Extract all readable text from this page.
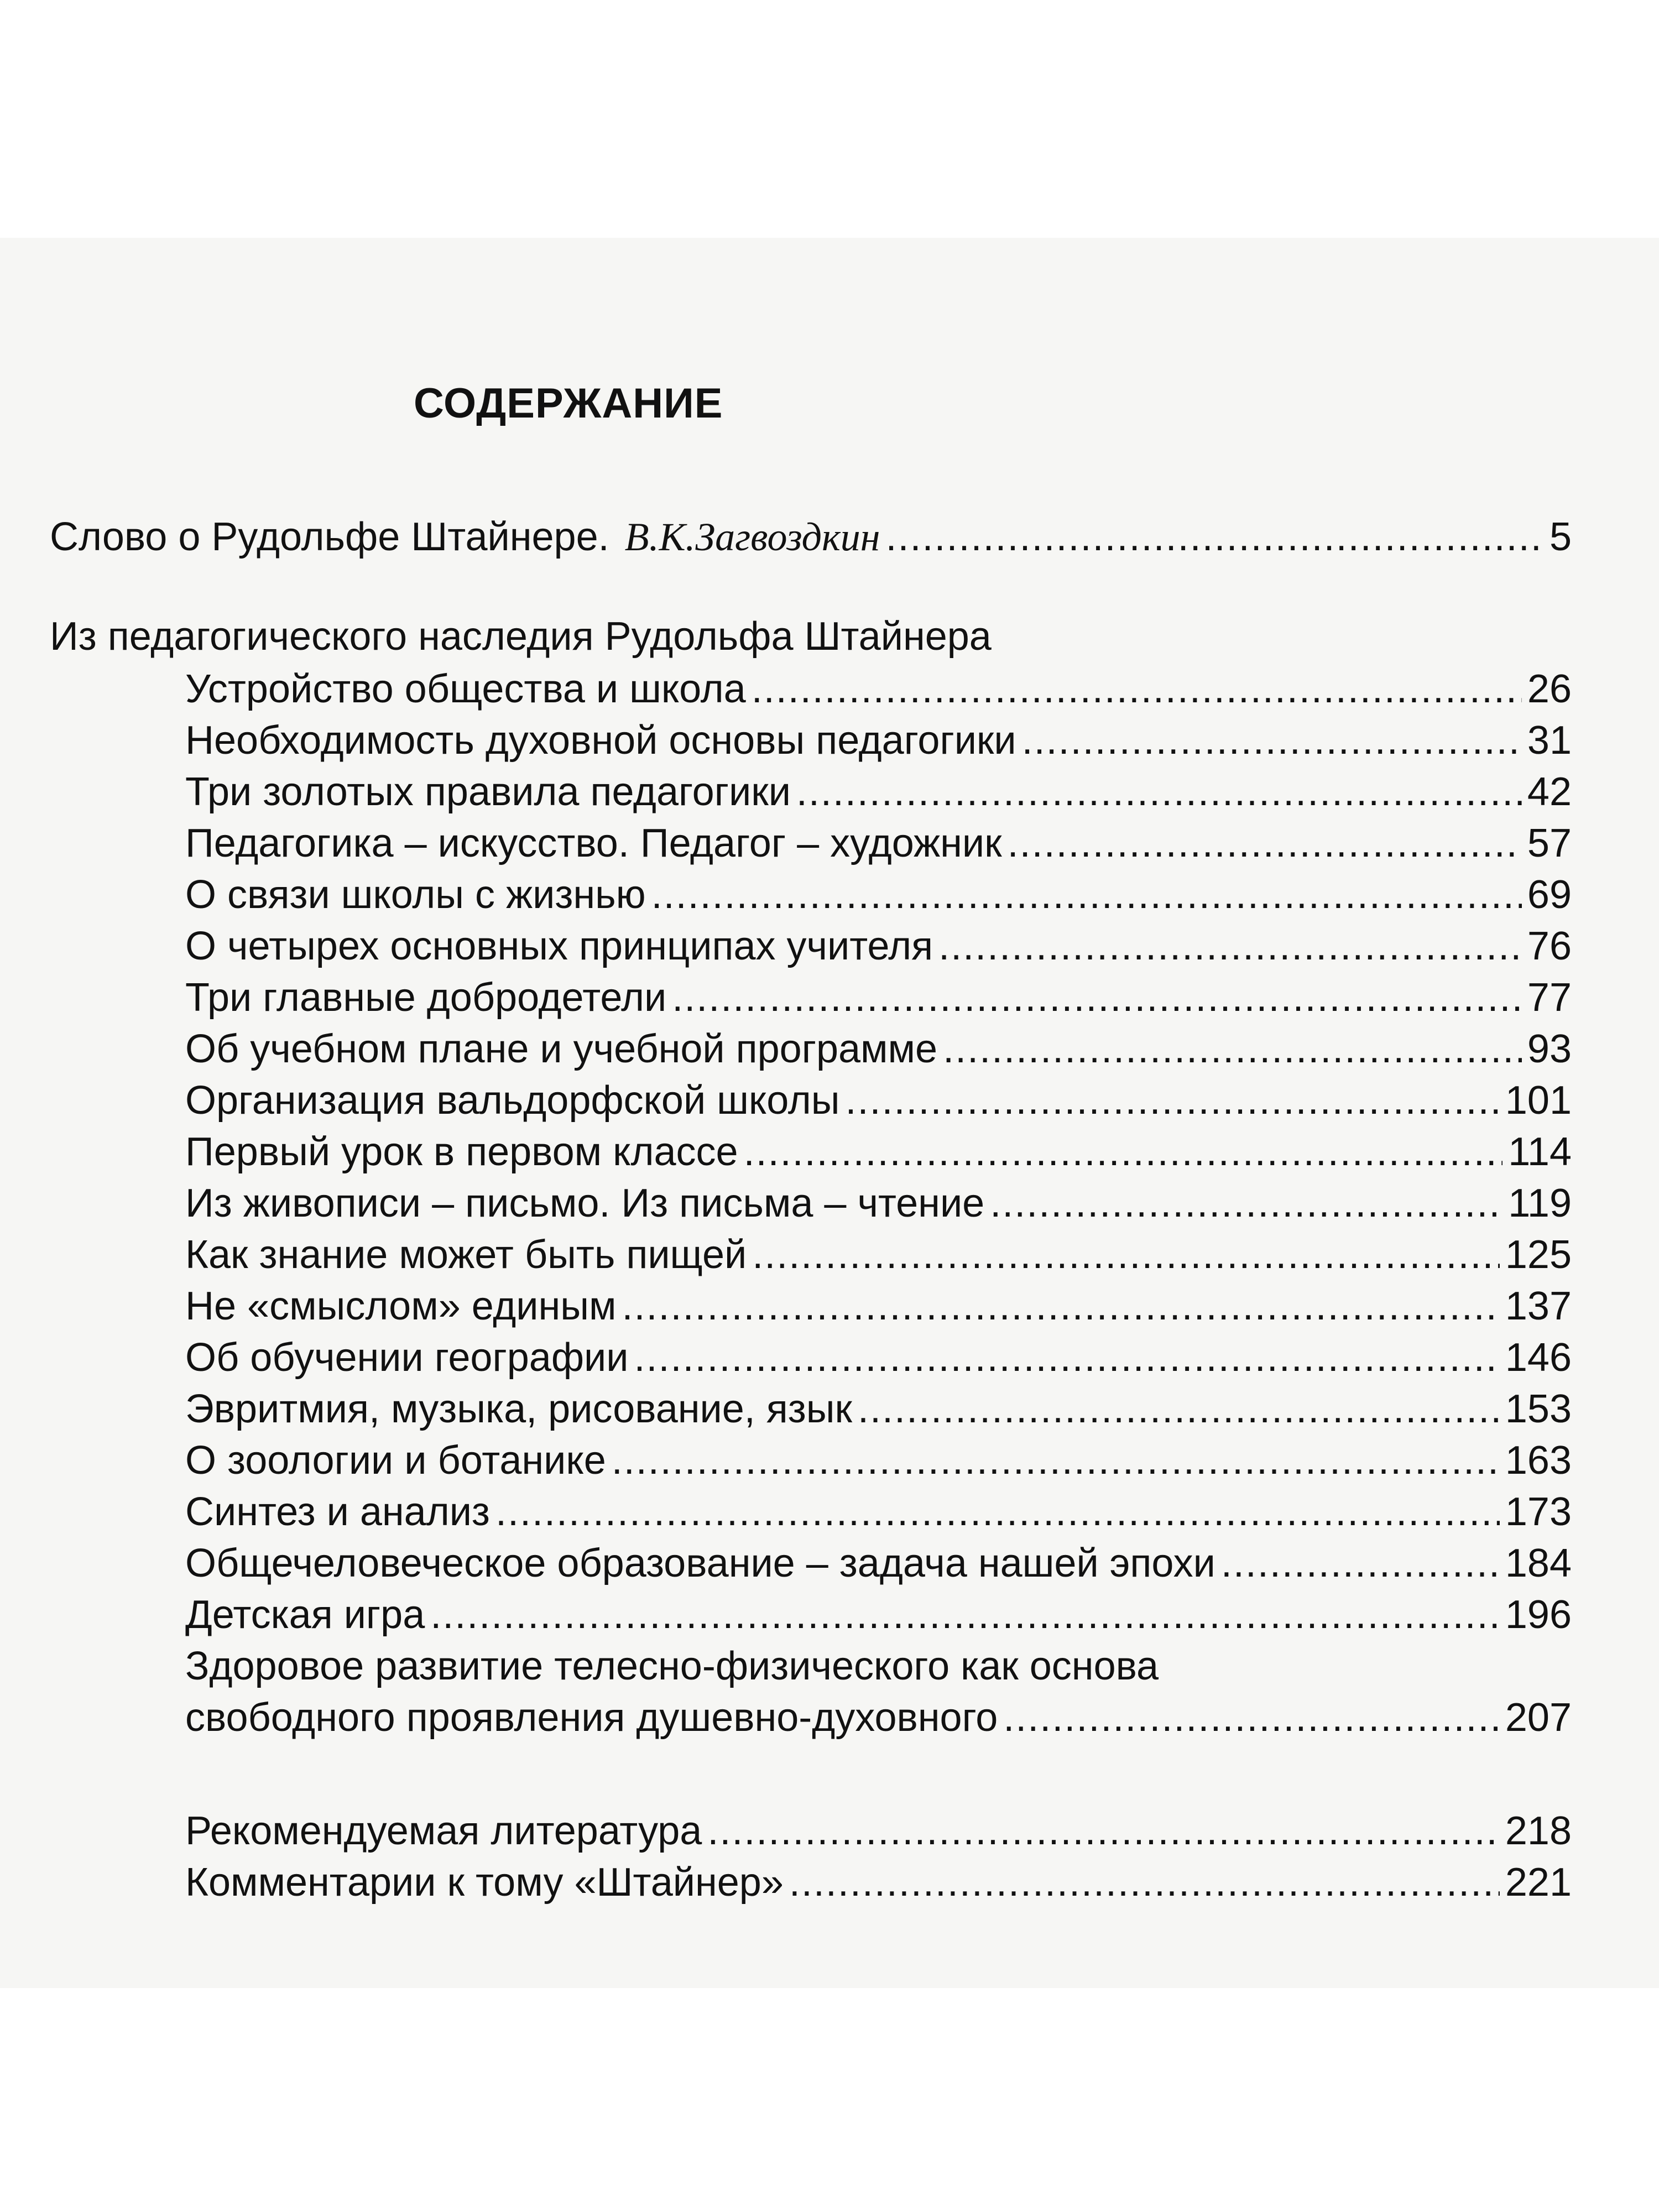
СОДЕРЖАНИЕ
Слово о Рудольфе Штайнере. В.К.Загвоздкин .....	5
Из педагогического наследия Рудольфа Штайнера
Устройство общества и школа .....	26
Необходимость духовной основы педагогики .....	31
Три золотых правила педагогики .....	42
Педагогика – искусство. Педагог – художник .....	57
О связи школы с жизнью .....	69
О четырех основных принципах учителя .....	76
Три главные добродетели .....	77
Об учебном плане и учебной программе .....	93
Организация вальдорфской школы .....	101
Первый урок в первом классе .....	114
Из живописи – письмо. Из письма – чтение .....	119
Как знание может быть пищей .....	125
Не «смыслом» единым .....	137
Об обучении географии .....	146
Эвритмия, музыка, рисование, язык .....	153
О зоологии и ботанике .....	163
Синтез и анализ .....	173
Общечеловеческое образование – задача нашей эпохи .....	184
Детская игра .....	196
Здоровое развитие телесно-физического как основа
свободного проявления душевно-духовного .....	207
Рекомендуемая литература .....	218
Комментарии к тому «Штайнер» .....	221
